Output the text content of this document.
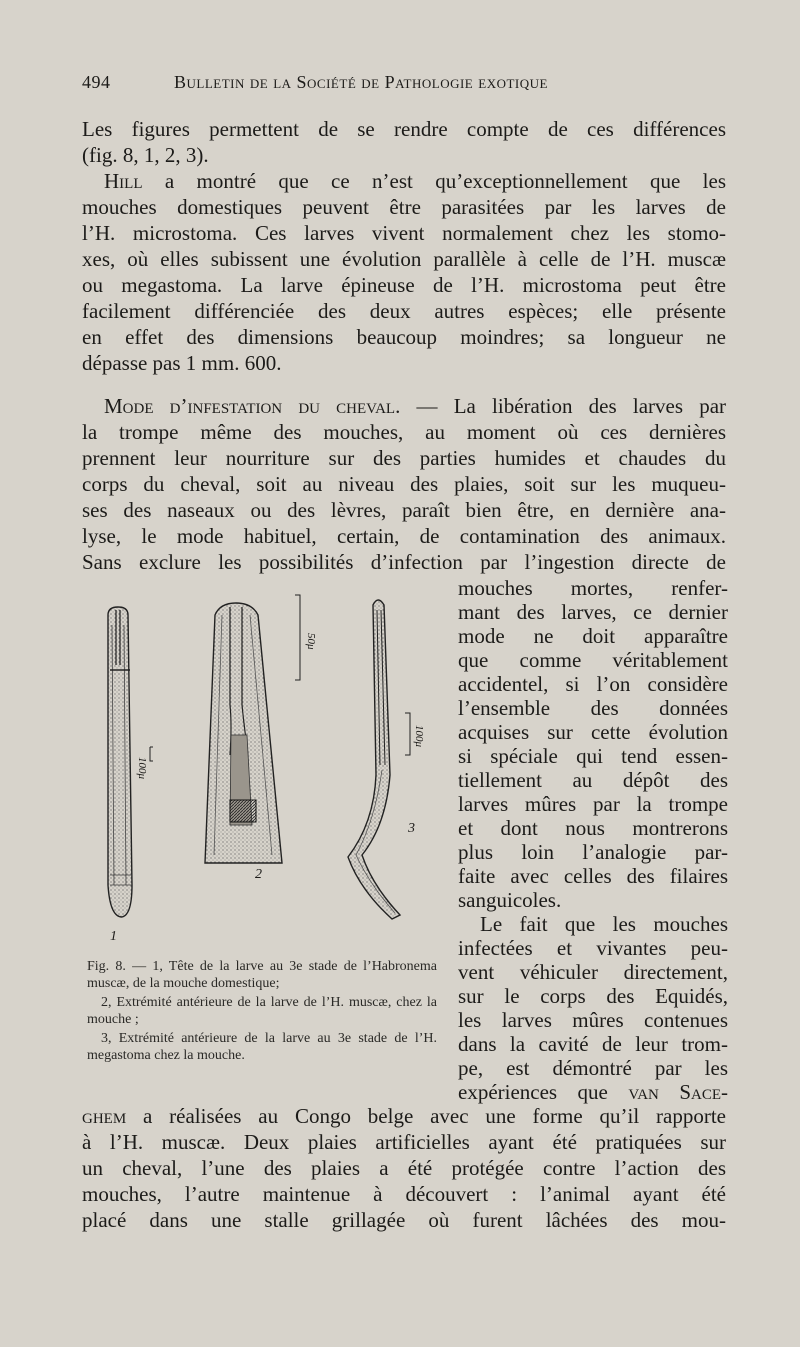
494	Bulletin de la Société de Pathologie exotique
Les figures permettent de se rendre compte de ces différences
(fig. 8, 1, 2, 3).
Hill a montré que ce n’est qu’exceptionnellement que les
mouches domestiques peuvent être parasitées par les larves de
l’H. microstoma. Ces larves vivent normalement chez les stomo-
xes, où elles subissent une évolution parallèle à celle de l’H. muscæ
ou megastoma. La larve épineuse de l’H. microstoma peut être
facilement différenciée des deux autres espèces; elle présente
en effet des dimensions beaucoup moindres; sa longueur ne
dépasse pas 1 mm. 600.
Mode d’infestation du cheval. — La libération des larves par
la trompe même des mouches, au moment où ces dernières
prennent leur nourriture sur des parties humides et chaudes du
corps du cheval, soit au niveau des plaies, soit sur les muqueu-
ses des naseaux ou des lèvres, paraît bien être, en dernière ana-
lyse, le mode habituel, certain, de contamination des animaux.
Sans exclure les possibilités d’infection par l’ingestion directe de
mouches mortes, renfer-
mant des larves, ce dernier
mode ne doit apparaître
que comme véritablement
accidentel, si l’on considère
l’ensemble des données
acquises sur cette évolution
si spéciale qui tend essen-
tiellement au dépôt des
larves mûres par la trompe
et dont nous montrerons
plus loin l’analogie par-
faite avec celles des filaires
sanguicoles.
Le fait que les mouches
infectées et vivantes peu-
vent véhiculer directement,
sur le corps des Equidés,
les larves mûres contenues
dans la cavité de leur trom-
pe, est démontré par les
expériences que van Sace-
ghem a réalisées au Congo belge avec une forme qu’il rapporte
à l’H. muscæ. Deux plaies artificielles ayant été pratiquées sur
un cheval, l’une des plaies a été protégée contre l’action des
mouches, l’autre maintenue à découvert : l’animal ayant été
placé dans une stalle grillagée où furent lâchées des mou-
1
2
3
100μ
50μ
100μ

Fig. 8. — 1, Tête de la larve au 3e stade de l’Habronema muscæ, de la mouche domestique;

2, Extrémité antérieure de la larve de l’H. muscæ, chez la mouche ;

3, Extrémité antérieure de la larve au 3e stade de l’H. megastoma chez la mouche.
